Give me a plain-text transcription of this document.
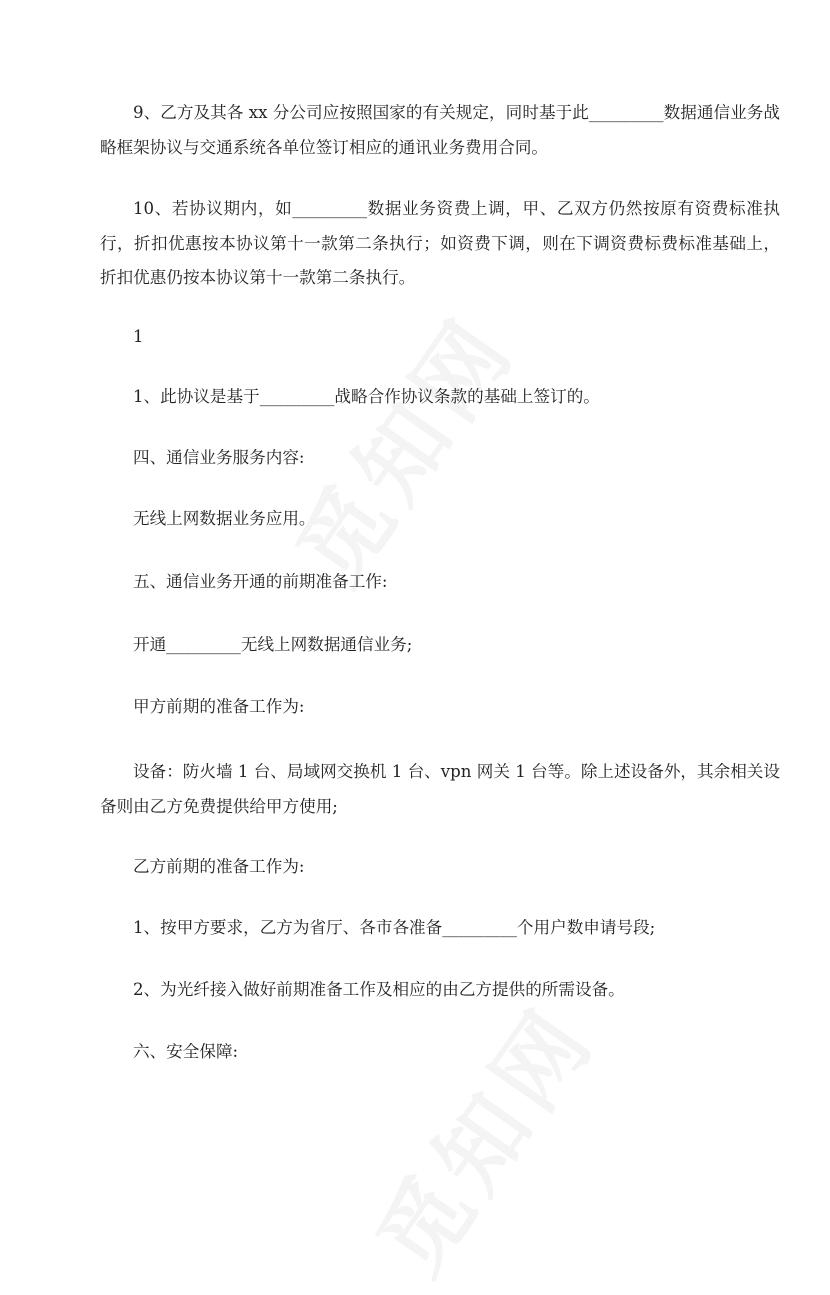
9、乙方及其各 xx 分公司应按照国家的有关规定，同时基于此_________数据通信业务战略框架协议与交通系统各单位签订相应的通讯业务费用合同。

10、若协议期内，如_________数据业务资费上调，甲、乙双方仍然按原有资费标准执行，折扣优惠按本协议第十一款第二条执行；如资费下调，则在下调资费标费标准基础上，折扣优惠仍按本协议第十一款第二条执行。

1

1、此协议是基于_________战略合作协议条款的基础上签订的。

四、通信业务服务内容:

无线上网数据业务应用。

五、通信业务开通的前期准备工作:

开通_________无线上网数据通信业务;

甲方前期的准备工作为:

设备：防火墙 1 台、局域网交换机 1 台、vpn 网关 1 台等。除上述设备外，其余相关设备则由乙方免费提供给甲方使用;

乙方前期的准备工作为:

1、按甲方要求，乙方为省厅、各市各准备_________个用户数申请号段;

2、为光纤接入做好前期准备工作及相应的由乙方提供的所需设备。

六、安全保障:
